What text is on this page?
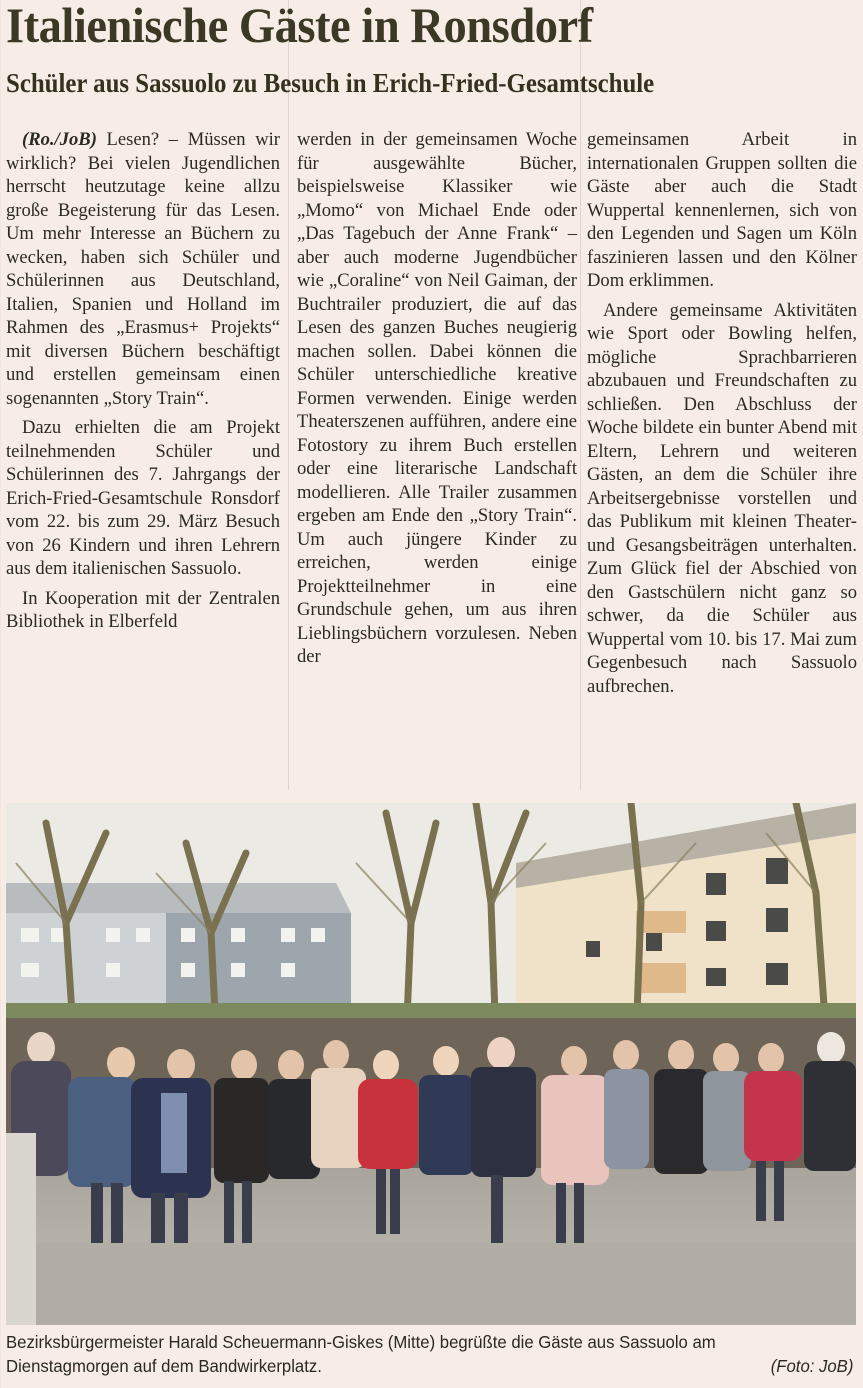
Italienische Gäste in Ronsdorf
Schüler aus Sassuolo zu Besuch in Erich-Fried-Gesamtschule

(Ro./JoB) Lesen? – Müssen wir wirklich? Bei vielen Jugendlichen herrscht heutzutage keine allzu große Begeisterung für das Lesen. Um mehr Interesse an Büchern zu wecken, haben sich Schüler und Schülerinnen aus Deutschland, Italien, Spanien und Holland im Rahmen des „Erasmus+ Projekts“ mit diversen Büchern beschäftigt und erstellen gemeinsam einen sogenannten „Story Train“.

Dazu erhielten die am Projekt teilnehmenden Schüler und Schülerinnen des 7. Jahrgangs der Erich-Fried-Gesamtschule Ronsdorf vom 22. bis zum 29. März Besuch von 26 Kindern und ihren Lehrern aus dem italienischen Sassuolo.

In Kooperation mit der Zentralen Bibliothek in Elberfeld

werden in der gemeinsamen Woche für ausgewählte Bücher, beispielsweise Klassiker wie „Momo“ von Michael Ende oder „Das Tagebuch der Anne Frank“ – aber auch moderne Jugendbücher wie „Coraline“ von Neil Gaiman, der Buchtrailer produziert, die auf das Lesen des ganzen Buches neugierig machen sollen. Dabei können die Schüler unterschiedliche kreative Formen verwenden. Einige werden Theaterszenen aufführen, andere eine Fotostory zu ihrem Buch erstellen oder eine literarische Landschaft modellieren. Alle Trailer zusammen ergeben am Ende den „Story Train“. Um auch jüngere Kinder zu erreichen, werden einige Projektteilnehmer in eine Grundschule gehen, um aus ihren Lieblingsbüchern vorzulesen. Neben der

gemeinsamen Arbeit in internationalen Gruppen sollten die Gäste aber auch die Stadt Wuppertal kennenlernen, sich von den Legenden und Sagen um Köln faszinieren lassen und den Kölner Dom erklimmen.

Andere gemeinsame Aktivitäten wie Sport oder Bowling helfen, mögliche Sprachbarrieren abzubauen und Freundschaften zu schließen. Den Abschluss der Woche bildete ein bunter Abend mit Eltern, Lehrern und weiteren Gästen, an dem die Schüler ihre Arbeitsergebnisse vorstellen und das Publikum mit kleinen Theater- und Gesangsbeiträgen unterhalten. Zum Glück fiel der Abschied von den Gastschülern nicht ganz so schwer, da die Schüler aus Wuppertal vom 10. bis 17. Mai zum Gegenbesuch nach Sassuolo aufbrechen.

Bezirksbürgermeister Harald Scheuermann-Giskes (Mitte) begrüßte die Gäste aus Sassuolo am Dienstagmorgen auf dem Bandwirkerplatz.	(Foto: JoB)
